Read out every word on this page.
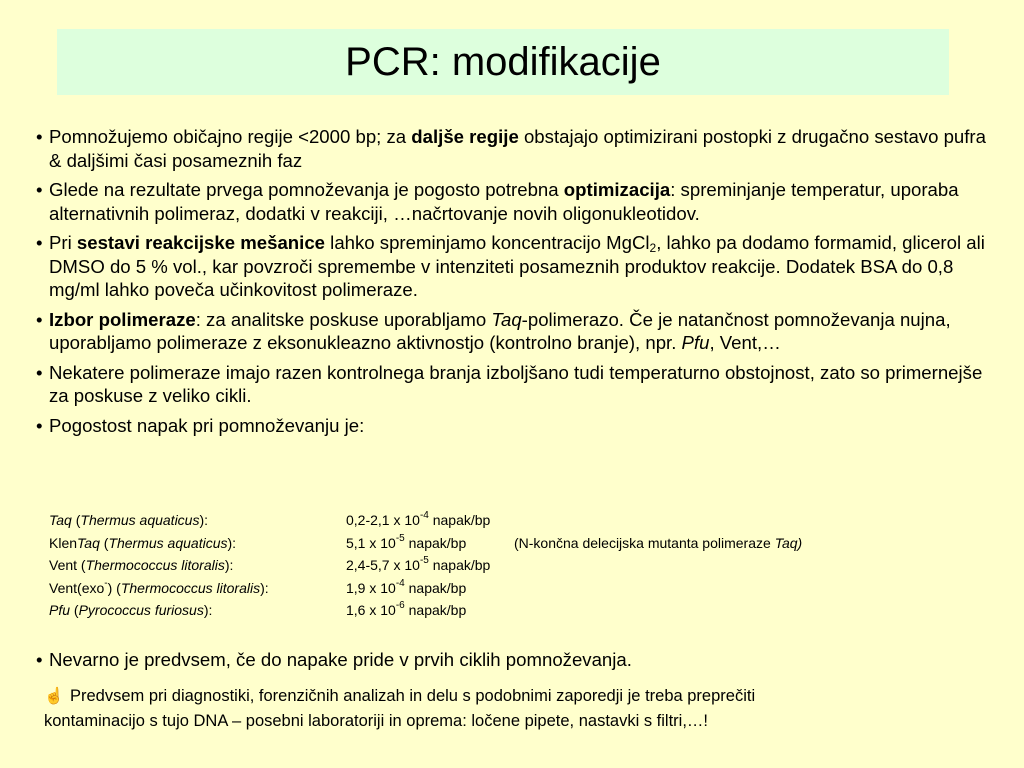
PCR: modifikacije
• Pomnožujemo običajno regije <2000 bp; za daljše regije obstajajo optimizirani postopki z drugačno sestavo pufra & daljšimi časi posameznih faz
• Glede na rezultate prvega pomnoževanja je pogosto potrebna optimizacija: spreminjanje temperatur, uporaba alternativnih polimeraz, dodatki v reakciji, …načrtovanje novih oligonukleotidov.
• Pri sestavi reakcijske mešanice lahko spreminjamo koncentracijo MgCl$_2$, lahko pa dodamo formamid, glicerol ali DMSO do 5 % vol., kar povzroči spremembe v intenziteti posameznih produktov reakcije. Dodatek BSA do 0,8 mg/ml lahko poveča učinkovitost polimeraze.
• Izbor polimeraze: za analitske poskuse uporabljamo Taq-polimerazo. Če je natančnost pomnoževanja nujna, uporabljamo polimeraze z eksonukleazno aktivnostjo (kontrolno branje), npr. Pfu, Vent,…
• Nekatere polimeraze imajo razen kontrolnega branja izboljšano tudi temperaturno obstojnost, zato so primernejše za poskuse z veliko cikli.
• Pogostost napak pri pomnoževanju je:
Taq (Thermus aquaticus):	0,2-2,1 x $10^{-4}$ napak/bp
KlenTaq (Thermus aquaticus):	5,1 x $10^{-5}$ napak/bp	(N-končna delecijska mutanta polimeraze Taq)
Vent (Thermococcus litoralis):	2,4-5,7 x $10^{-5}$ napak/bp
Vent(exo-) (Thermococcus litoralis):	1,9 x $10^{-4}$ napak/bp
Pfu (Pyrococcus furiosus):	1,6 x $10^{-6}$ napak/bp
• Nevarno je predvsem, če do napake pride v prvih ciklih pomnoževanja.
☝ Predvsem pri diagnostiki, forenzičnih analizah in delu s podobnimi zaporedji je treba preprečiti
kontaminacijo s tujo DNA – posebni laboratoriji in oprema: ločene pipete, nastavki s filtri,…!
